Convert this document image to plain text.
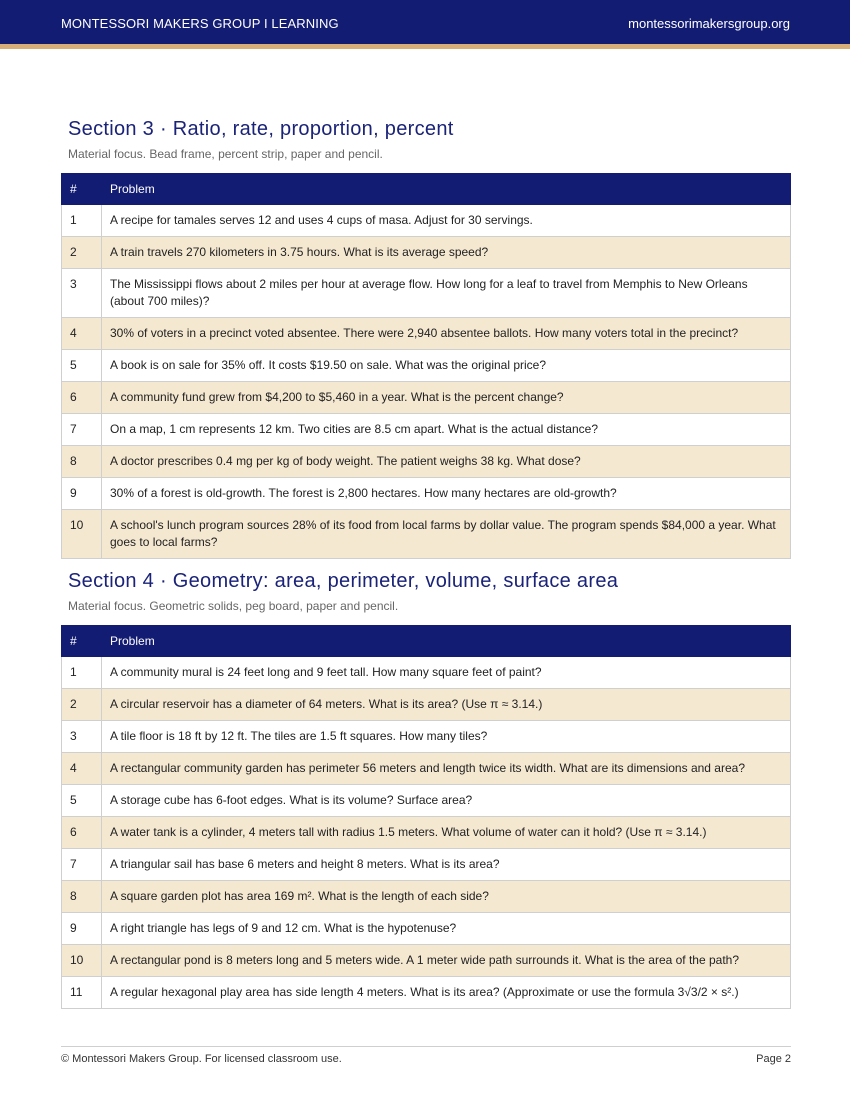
MONTESSORI MAKERS GROUP I LEARNING	montessorimakersgroup.org
Section 3 · Ratio, rate, proportion, percent

Material focus. Bead frame, percent strip, paper and pencil.

#	Problem
1	A recipe for tamales serves 12 and uses 4 cups of masa. Adjust for 30 servings.
2	A train travels 270 kilometers in 3.75 hours. What is its average speed?
3	The Mississippi flows about 2 miles per hour at average flow. How long for a leaf to travel from Memphis to New Orleans (about 700 miles)?
4	30% of voters in a precinct voted absentee. There were 2,940 absentee ballots. How many voters total in the precinct?
5	A book is on sale for 35% off. It costs $19.50 on sale. What was the original price?
6	A community fund grew from $4,200 to $5,460 in a year. What is the percent change?
7	On a map, 1 cm represents 12 km. Two cities are 8.5 cm apart. What is the actual distance?
8	A doctor prescribes 0.4 mg per kg of body weight. The patient weighs 38 kg. What dose?
9	30% of a forest is old-growth. The forest is 2,800 hectares. How many hectares are old-growth?
10	A school's lunch program sources 28% of its food from local farms by dollar value. The program spends $84,000 a year. What goes to local farms?
Section 4 · Geometry: area, perimeter, volume, surface area

Material focus. Geometric solids, peg board, paper and pencil.

#	Problem
1	A community mural is 24 feet long and 9 feet tall. How many square feet of paint?
2	A circular reservoir has a diameter of 64 meters. What is its area? (Use π ≈ 3.14.)
3	A tile floor is 18 ft by 12 ft. The tiles are 1.5 ft squares. How many tiles?
4	A rectangular community garden has perimeter 56 meters and length twice its width. What are its dimensions and area?
5	A storage cube has 6-foot edges. What is its volume? Surface area?
6	A water tank is a cylinder, 4 meters tall with radius 1.5 meters. What volume of water can it hold? (Use π ≈ 3.14.)
7	A triangular sail has base 6 meters and height 8 meters. What is its area?
8	A square garden plot has area 169 m². What is the length of each side?
9	A right triangle has legs of 9 and 12 cm. What is the hypotenuse?
10	A rectangular pond is 8 meters long and 5 meters wide. A 1 meter wide path surrounds it. What is the area of the path?
11	A regular hexagonal play area has side length 4 meters. What is its area? (Approximate or use the formula 3√3/2 × s².)
© Montessori Makers Group. For licensed classroom use.	Page 2
